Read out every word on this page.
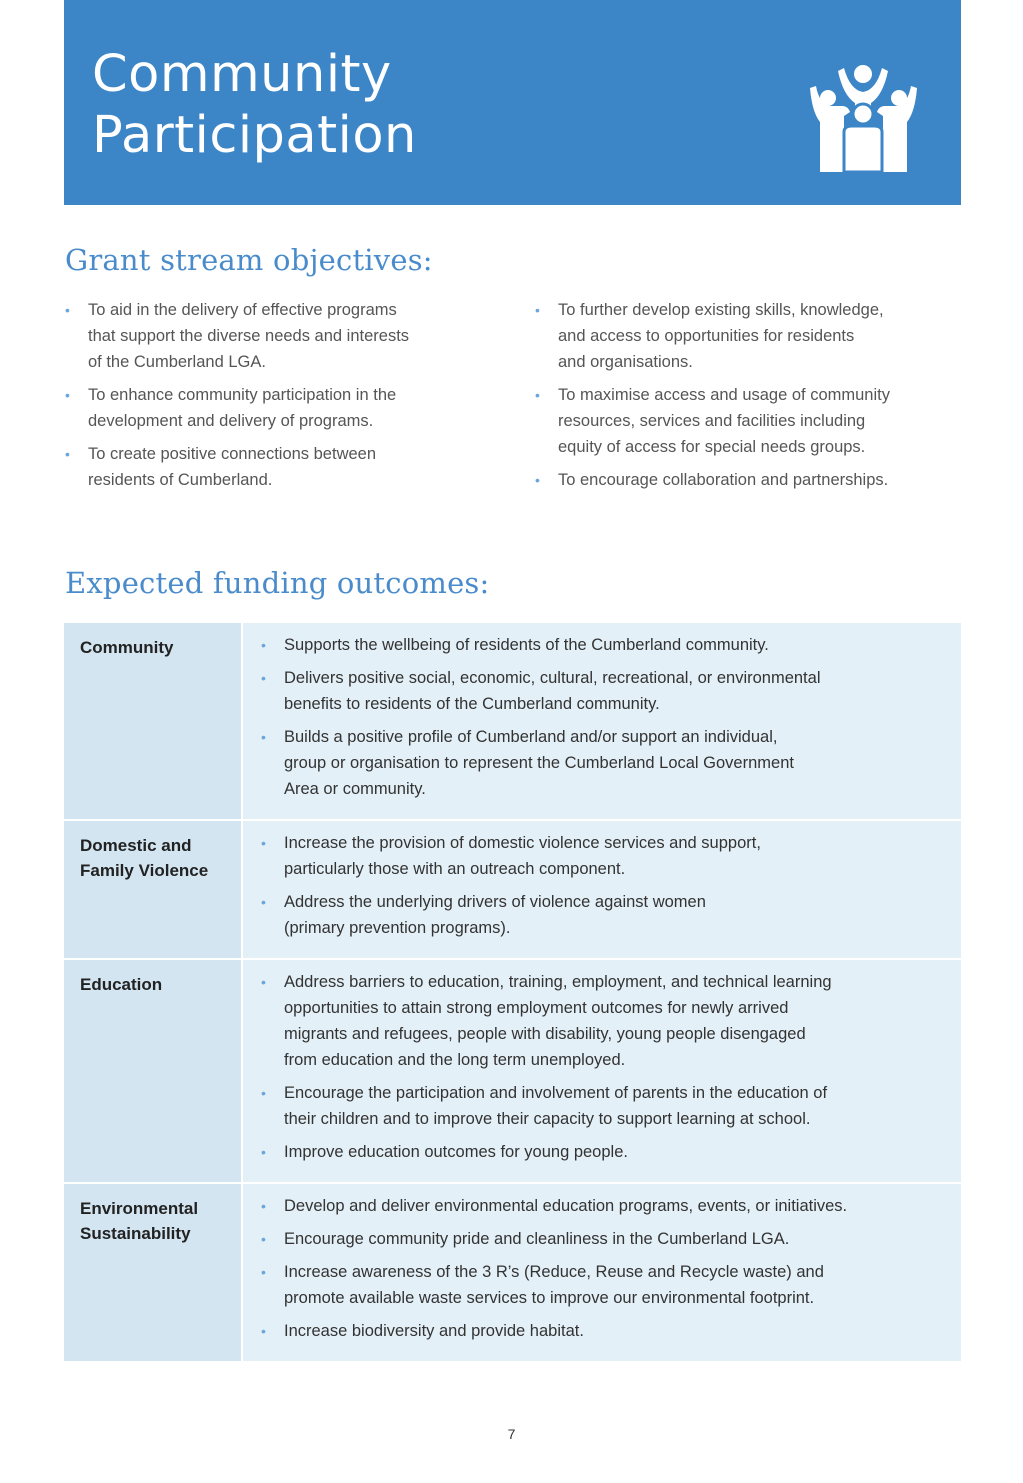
Community
Participation
Grant stream objectives:
• To aid in the delivery of effective programs
that support the diverse needs and interests
of the Cumberland LGA.
• To enhance community participation in the
development and delivery of programs.
• To create positive connections between
residents of Cumberland.
• To further develop existing skills, knowledge,
and access to opportunities for residents
and organisations.
• To maximise access and usage of community
resources, services and facilities including
equity of access for special needs groups.
• To encourage collaboration and partnerships.
Expected funding outcomes:
Community	• Supports the wellbeing of residents of the Cumberland community.
• Delivers positive social, economic, cultural, recreational, or environmental
benefits to residents of the Cumberland community.
• Builds a positive profile of Cumberland and/or support an individual,
group or organisation to represent the Cumberland Local Government
Area or community.
Domestic and
Family Violence
• Increase the provision of domestic violence services and support,
particularly those with an outreach component.
• Address the underlying drivers of violence against women
(primary prevention programs).
Education	• Address barriers to education, training, employment, and technical learning
opportunities to attain strong employment outcomes for newly arrived
migrants and refugees, people with disability, young people disengaged
from education and the long term unemployed.
• Encourage the participation and involvement of parents in the education of
their children and to improve their capacity to support learning at school.
• Improve education outcomes for young people.
Environmental
Sustainability
• Develop and deliver environmental education programs, events, or initiatives.
• Encourage community pride and cleanliness in the Cumberland LGA.
• Increase awareness of the 3 R’s (Reduce, Reuse and Recycle waste) and
promote available waste services to improve our environmental footprint.
• Increase biodiversity and provide habitat.
7
